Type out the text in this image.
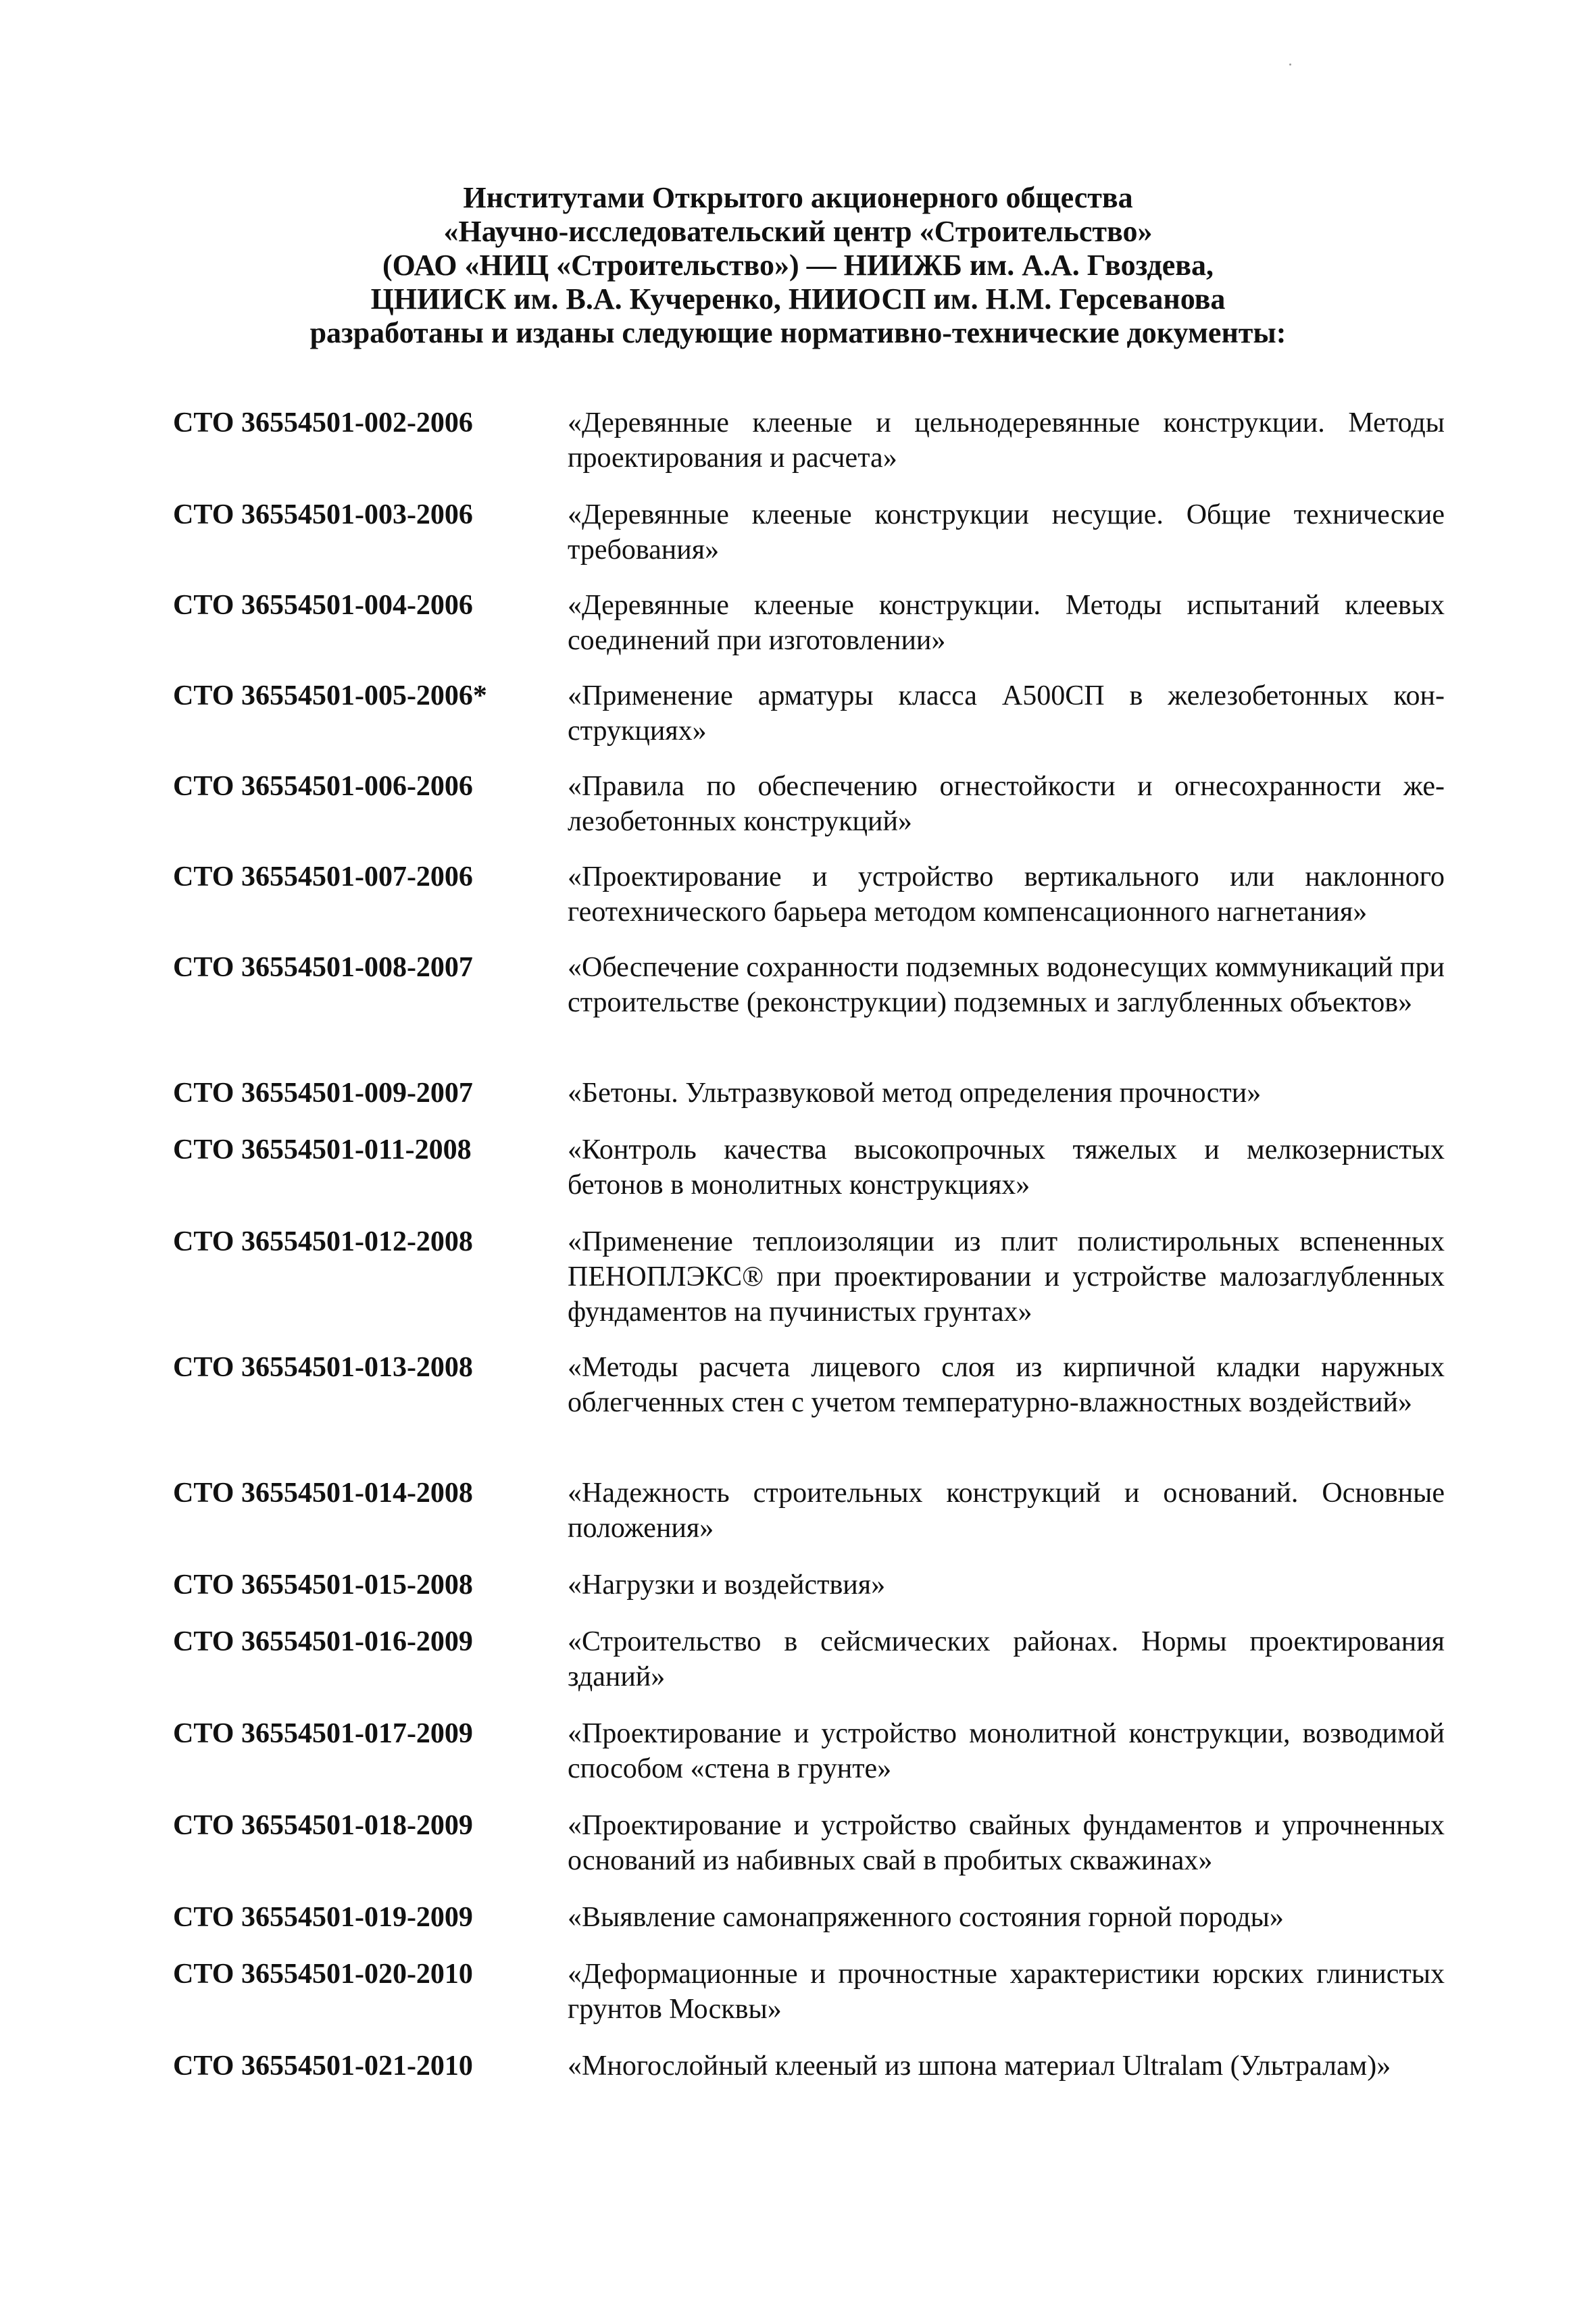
Институтами Открытого акционерного общества
«Научно-исследовательский центр «Строительство»
(ОАО «НИЦ «Строительство») — НИИЖБ им. А.А. Гвоздева,
ЦНИИСК им. В.А. Кучеренко, НИИОСП им. Н.М. Герсеванова
разработаны и изданы следующие нормативно-технические документы:
СТО 36554501-002-2006	«Деревянные клееные и цельнодеревянные конструкции. Методы проектирования и расчета»
СТО 36554501-003-2006	«Деревянные клееные конструкции несущие. Общие технические требования»
СТО 36554501-004-2006	«Деревянные клееные конструкции. Методы испытаний клеевых соединений при изготовлении»
СТО 36554501-005-2006*	«Применение арматуры класса А500СП в железобетонных конструкциях»
СТО 36554501-006-2006	«Правила по обеспечению огнестойкости и огнесохранности железобетонных конструкций»
СТО 36554501-007-2006	«Проектирование и устройство вертикального или наклонного геотехнического барьера методом компенсационного нагнетания»
СТО 36554501-008-2007	«Обеспечение сохранности подземных водонесущих коммуникаций при строительстве (реконструкции) подземных и заглубленных объектов»
СТО 36554501-009-2007	«Бетоны. Ультразвуковой метод определения прочности»
СТО 36554501-011-2008	«Контроль качества высокопрочных тяжелых и мелкозернистых бетонов в монолитных конструкциях»
СТО 36554501-012-2008	«Применение теплоизоляции из плит полистирольных вспененных ПЕНОПЛЭКС® при проектировании и устройстве малозаглубленных фундаментов на пучинистых грунтах»
СТО 36554501-013-2008	«Методы расчета лицевого слоя из кирпичной кладки наружных облегченных стен с учетом температурно-влажностных воздействий»
СТО 36554501-014-2008	«Надежность строительных конструкций и оснований. Основные положения»
СТО 36554501-015-2008	«Нагрузки и воздействия»
СТО 36554501-016-2009	«Строительство в сейсмических районах. Нормы проектирования зданий»
СТО 36554501-017-2009	«Проектирование и устройство монолитной конструкции, возводимой способом «стена в грунте»
СТО 36554501-018-2009	«Проектирование и устройство свайных фундаментов и упрочненных оснований из набивных свай в пробитых скважинах»
СТО 36554501-019-2009	«Выявление самонапряженного состояния горной породы»
СТО 36554501-020-2010	«Деформационные и прочностные характеристики юрских глинистых грунтов Москвы»
СТО 36554501-021-2010	«Многослойный клееный из шпона материал Ultralam (Ультралам)»
